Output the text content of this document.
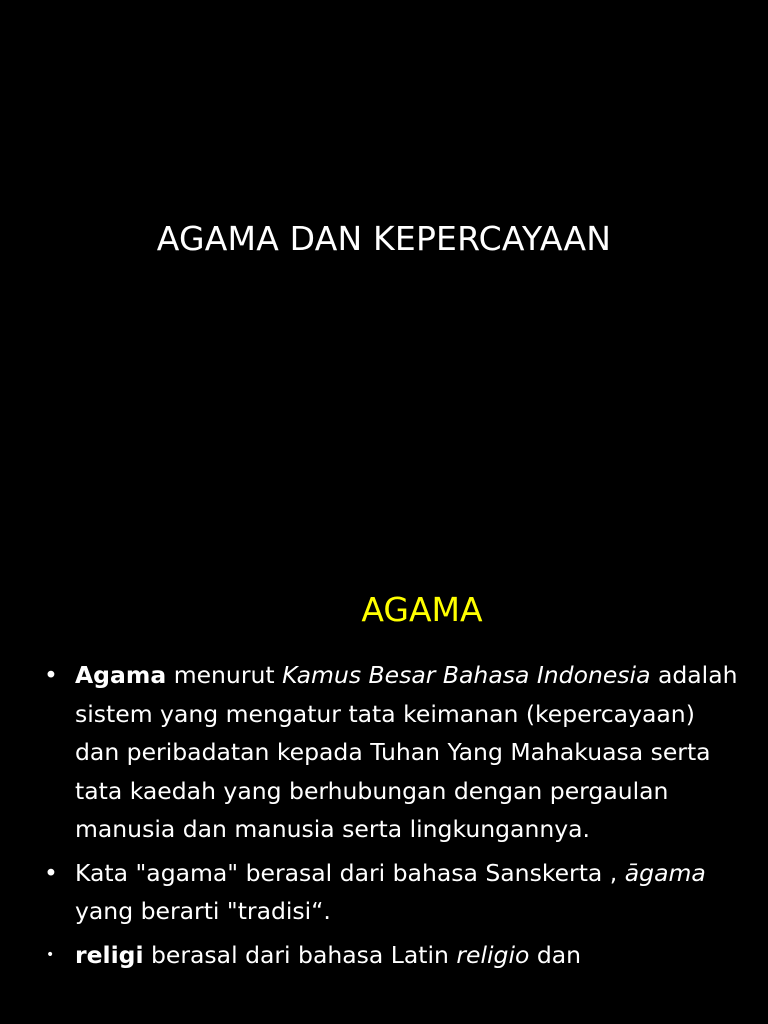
AGAMA DAN KEPERCAYAAN
AGAMA
• Agama menurut Kamus Besar Bahasa Indonesia adalah sistem yang mengatur tata keimanan (kepercayaan) dan peribadatan kepada Tuhan Yang Mahakuasa serta tata kaedah yang berhubungan dengan pergaulan manusia dan manusia serta lingkungannya.
• Kata "agama" berasal dari bahasa Sanskerta , āgama yang berarti "tradisi“.
• religi berasal dari bahasa Latin religio dan
